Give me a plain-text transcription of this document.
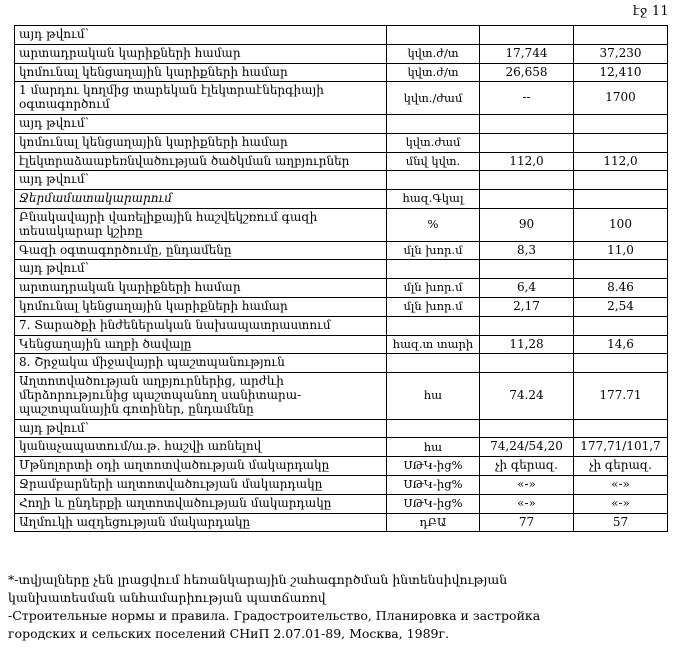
էջ 11
այդ թվում՝			
արտադրական կարիքների համար	կվտ.ժ/տ	17,744	37,230
կոմունալ կենցաղային կարիքների համար	կվտ.ժ/տ	26,658	12,410
1 մարդու կողմից տարեկան էլեկտրաէներգիայի օգտագործում	կվտ./ժամ	--	1700
այդ թվում՝			
կոմունալ կենցաղային կարիքների համար	կվտ.ժամ		
էլեկտրաձաաբեռնվածության ծածկման աղբյուրներ	մնվ կվտ.	112,0	112,0
այդ թվում՝			
Ջերմամատակարարում	հազ.Գկալ		
Բնակավայրի վառելիքային հաշվեկշռում գազի տեսակարար կշիռը	%	90	100
Գազի օգտագործումը, ընդամենը	մլն խոր.մ	8,3	11,0
այդ թվում՝			
արտադրական կարիքների համար	մլն խոր.մ	6,4	8.46
կոմունալ կենցաղային կարիքների համար	մլն խոր.մ	2,17	2,54
7. Տարածքի ինժեներական նախապատրաստում			
Կենցաղային աղբի ծավալը	հազ.տ տարի	11,28	14,6
8. Շրջակա միջավայրի պաշտպանություն			
Աղտոտվածության աղբյուրներից, արժևի մերձորությունից պաշտպանող սանիտարա-պաշտպանային գոտիներ, ընդամենը	հա	74.24	177.71
այդ թվում՝			
կանաչապատում/ա.թ. հաշվի առնելով	հա	74,24/54,20	177,71/101,7
Մթնոլորտի օդի աղտոտվածության մակարդակը	ՍԹԿ-ից%	չի գերազ.	չի գերազ.
Ջրամբարների աղտոտվածության մակարդակը	ՍԹԿ-ից%	«-»	«-»
Հողի և ընդերքի աղտոտվածության մակարդակը	ՍԹԿ-ից%	«-»	«-»
Աղմուկի ազդեցության մակարդակը	դԲԱ	77	57
*-տվյալները չեն լրացվում հեռանկարային շահագործման ինտենսիվության
կանխատեսման անհամարիության պատճառով
-Строительные нормы и правила. Градостроительство, Планировка и застройка
городских и сельских поселений СНиП 2.07.01-89, Москва, 1989г.
